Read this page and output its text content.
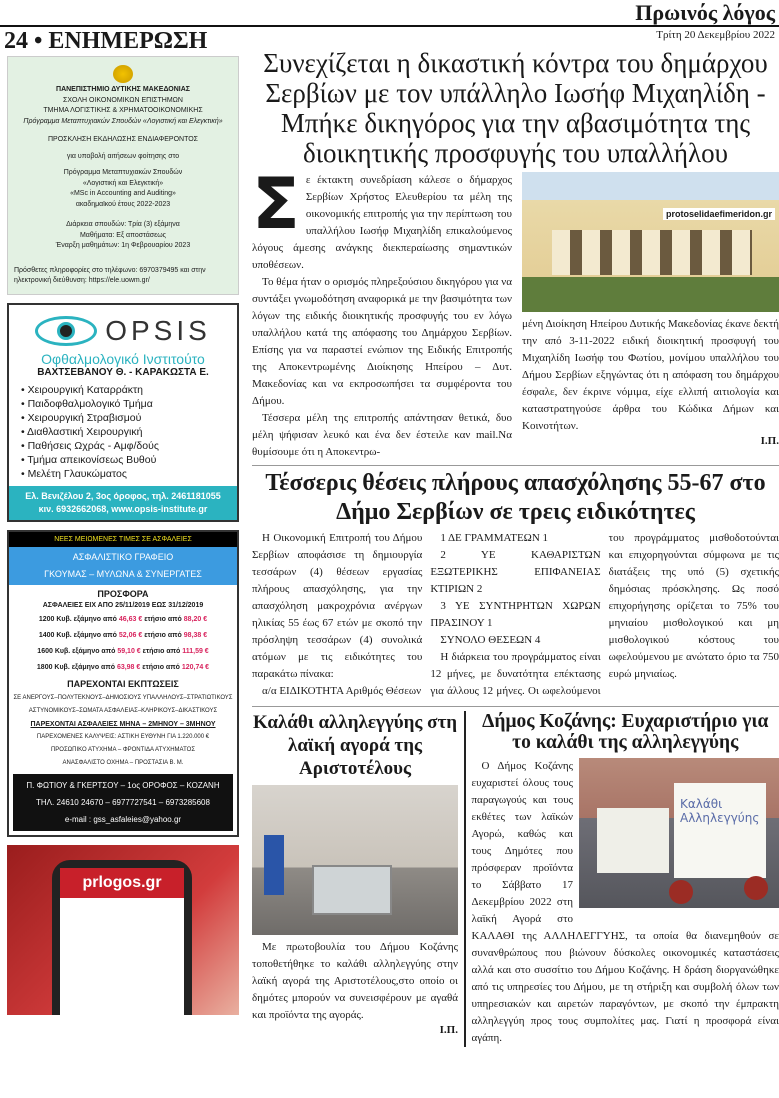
Πρωινός λόγος
24 • ΕΝΗΜΕΡΩΣΗ	Τρίτη 20 Δεκεμβρίου 2022
ΠΑΝΕΠΙΣΤΗΜΙΟ ΔΥΤΙΚΗΣ ΜΑΚΕΔΟΝΙΑΣ
ΣΧΟΛΗ ΟΙΚΟΝΟΜΙΚΩΝ ΕΠΙΣΤΗΜΩΝ
ΤΜΗΜΑ ΛΟΓΙΣΤΙΚΗΣ & ΧΡΗΜΑΤΟΟΙΚΟΝΟΜΙΚΗΣ
Πρόγραμμα Μεταπτυχιακών Σπουδών «Λογιστική και Ελεγκτική»
ΠΡΟΣΚΛΗΣΗ ΕΚΔΗΛΩΣΗΣ ΕΝΔΙΑΦΕΡΟΝΤΟΣ
για υποβολή αιτήσεων φοίτησης στο
Πρόγραμμα Μεταπτυχιακών Σπουδών
«Λογιστική και Ελεγκτική»
«MSc in Accounting and Auditing»
ακαδημαϊκού έτους 2022-2023
Διάρκεια σπουδών: Τρία (3) εξάμηνα
Μαθήματα: Εξ αποστάσεως
Έναρξη μαθημάτων: 1η Φεβρουαρίου 2023
Πρόσθετες πληροφορίες στο τηλέφωνο: 6970379495 και στην ηλεκτρονική διεύθυνση: https://ele.uowm.gr/
OPSIS
Οφθαλμολογικό Ινστιτούτο
ΒΑΧΤΣΕΒΑΝΟΥ Θ. - ΚΑΡΑΚΩΣΤΑ Ε.
• Χειρουργική Καταρράκτη
• Παιδοφθαλμολογικό Τμήμα
• Χειρουργική Στραβισμού
• Διαθλαστική Χειρουργική
• Παθήσεις Ωχράς - Αμφ/δούς
• Τμήμα απεικονίσεως Βυθού
• Μελέτη Γλαυκώματος
Ελ. Βενιζέλου 2, 3ος όροφος, τηλ. 2461181055
κιν. 6932662068, www.opsis-institute.gr
ΝΕΕΣ ΜΕΙΩΜΕΝΕΣ ΤΙΜΕΣ ΣΕ ΑΣΦΑΛΕΙΕΣ
ΑΣΦΑΛΙΣΤΙΚΟ ΓΡΑΦΕΙΟ
ΓΚΟΥΜΑΣ – ΜΥΛΩΝΑ & ΣΥΝΕΡΓΑΤΕΣ
ΠΡΟΣΦΟΡΑ
ΑΣΦΑΛΕΙΕΣ ΕΙΧ ΑΠΟ 25/11/2019 ΕΩΣ 31/12/2019
1200 Κυβ. εξάμηνο από 46,63 € ετήσιο από 88,20 €
1400 Κυβ. εξάμηνο από 52,06 € ετήσιο από 98,38 €
1600 Κυβ. εξάμηνο από 59,10 € ετήσιο από 111,59 €
1800 Κυβ. εξάμηνο από 63,98 € ετήσιο από 120,74 €
ΠΑΡΕΧΟΝΤΑΙ ΕΚΠΤΩΣΕΙΣ
ΣΕ ΑΝΕΡΓΟΥΣ–ΠΟΛΥΤΕΚΝΟΥΣ–ΔΗΜΟΣΙΟΥΣ ΥΠΑΛΛΗΛΟΥΣ–ΣΤΡΑΤΙΩΤΙΚΟΥΣ
ΑΣΤΥΝΟΜΙΚΟΥΣ–ΣΩΜΑΤΑ ΑΣΦΑΛΕΙΑΣ–ΚΛΗΡΙΚΟΥΣ–ΔΙΚΑΣΤΙΚΟΥΣ
ΠΑΡΕΧΟΝΤΑΙ ΑΣΦΑΛΕΙΕΣ ΜΗΝΑ – 2ΜΗΝΟΥ – 3ΜΗΝΟΥ
ΠΑΡΕΧΟΜΕΝΕΣ ΚΑΛΥΨΕΙΣ: ΑΣΤΙΚΗ ΕΥΘΥΝΗ ΓΙΑ 1.220.000 €
ΠΡΟΣΩΠΙΚΟ ΑΤΥΧΗΜΑ – ΦΡΟΝΤΙΔΑ ΑΤΥΧΗΜΑΤΟΣ
ΑΝΑΣΦΑΛΙΣΤΟ ΟΧΗΜΑ – ΠΡΟΣΤΑΣΙΑ Β. Μ.
Π. ΦΩΤΙΟΥ & ΓΚΕΡΤΣΟΥ – 1ος ΟΡΟΦΟΣ – ΚΟΖΑΝΗ
ΤΗΛ. 24610 24670 – 6977727541 – 6973285608
e-mail : gss_asfaleies@yahoo.gr
prlogos.gr
Συνεχίζεται η δικαστική κόντρα του δημάρχου Σερβίων με τον υπάλληλο Ιωσήφ Μιχαηλίδη - Μπήκε δικηγόρος για την αβασιμότητα της διοικητικής προσφυγής του υπαλλήλου

Σε έκτακτη συνεδρίαση κάλεσε ο δήμαρχος Σερβίων Χρήστος Ελευθερίου τα μέλη της οικονομικής επιτροπής για την περίπτωση του υπαλλήλου Ιωσήφ Μιχαηλίδη επικαλούμενος λόγους άμεσης ανάγκης διεκπεραίωσης σημαντικών υποθέσεων.

Το θέμα ήταν ο ορισμός πληρεξούσιου δικηγόρου για να συντάξει γνωμοδότηση αναφορικά με την βασιμότητα των λόγων της ειδικής διοικητικής προσφυγής του εν λόγω υπαλλήλου κατά της απόφασης του Δημάρχου Σερβίων. Επίσης για να παραστεί ενώπιον της Ειδικής Επιτροπής της Αποκεντρωμένης Διοίκησης Ηπείρου – Δυτ. Μακεδονίας και να εκπροσωπήσει τα συμφέροντα του Δήμου.

Τέσσερα μέλη της επιτροπής απάντησαν θετικά, δυο μέλη ψήφισαν λευκό και ένα δεν έστειλε καν mail.Να θυμίσουμε ότι η Αποκεντρω-

protoselidaefimeridon.gr

μένη Διοίκηση Ηπείρου Δυτικής Μακεδονίας έκανε δεκτή την από 3-11-2022 ειδική διοικητική προσφυγή του Μιχαηλίδη Ιωσήφ του Φωτίου, μονίμου υπαλλήλου του Δήμου Σερβίων εξηγώντας ότι η απόφαση του δημάρχου έσφαλε, δεν έκρινε νόμιμα, είχε ελλιπή αιτιολογία και καταστρατηγούσε άρθρα του Κώδικα Δήμων και Κοινοτήτων.

Ι.Π.
Τέσσερις θέσεις πλήρους απασχόλησης 55-67 στο Δήμο Σερβίων σε τρεις ειδικότητες

Η Οικονομική Επιτροπή του Δήμου Σερβίων αποφάσισε τη δημιουργία τεσσάρων (4) θέσεων εργασίας πλήρους απασχόλησης, για την απασχόληση μακροχρόνια ανέργων ηλικίας 55 έως 67 ετών με σκοπό την πρόσληψη τεσσάρων (4) συνολικά ατόμων με τις ειδικότητες του παρακάτω πίνακα:

α/α ΕΙΔΙΚΟΤΗΤΑ Αριθμός Θέσεων

1 ΔΕ ΓΡΑΜΜΑΤΕΩΝ 1

2 ΥΕ ΚΑΘΑΡΙΣΤΩΝ ΕΞΩΤΕΡΙΚΗΣ ΕΠΙΦΑΝΕΙΑΣ ΚΤΙΡΙΩΝ 2

3 ΥΕ ΣΥΝΤΗΡΗΤΩΝ ΧΩΡΩΝ ΠΡΑΣΙΝΟΥ 1

ΣΥΝΟΛΟ ΘΕΣΕΩΝ 4

Η διάρκεια του προγράμματος είναι 12 μήνες, με δυνατότητα επέκτασης για άλλους 12 μήνες. Οι ωφελούμενοι του προγράμματος μισθοδοτούνται και επιχορηγούνται σύμφωνα με τις διατάξεις της υπό (5) σχετικής δημόσιας πρόσκλησης. Ως ποσό επιχορήγησης ορίζεται το 75% του μηνιαίου μισθολογικού και μη μισθολογικού κόστους του ωφελούμενου με ανώτατο όριο τα 750 ευρώ μηνιαίως.

Καλάθι αλληλεγγύης στη λαϊκή αγορά της Αριστοτέλους

Με πρωτοβουλία του Δήμου Κοζάνης τοποθετήθηκε το καλάθι αλληλεγγύης στην λαϊκή αγορά της Αριστοτέλους,στο οποίο οι δημότες μπορούν να συνεισφέρουν με αγαθά και προϊόντα της αγοράς.

Ι.Π.
Δήμος Κοζάνης: Ευχαριστήριο για το καλάθι της αλληλεγγύης
Καλάθι Αλληλεγγύης

Ο Δήμος Κοζάνης ευχαριστεί όλους τους παραγωγούς και τους εκθέτες των λαϊκών Αγορώ, καθώς και τους Δημότες που πρόσφεραν προϊόντα το Σάββατο 17 Δεκεμβρίου 2022 στη λαϊκή Αγορά στο ΚΑΛΑΘΙ της ΑΛΛΗΛΕΓΓΥΗΣ, τα οποία θα διανεμηθούν σε συνανθρώπους που βιώνουν δύσκολες οικονομικές καταστάσεις αλλά και στο συσσίτιο του Δήμου Κοζάνης. Η δράση διοργανώθηκε από τις υπηρεσίες του Δήμου, με τη στήριξη και συμβολή όλων των υπηρεσιακών και αιρετών παραγόντων, με σκοπό την έμπρακτη αλληλεγγύη προς τους συμπολίτες μας. Γιατί η προσφορά είναι αγάπη.
